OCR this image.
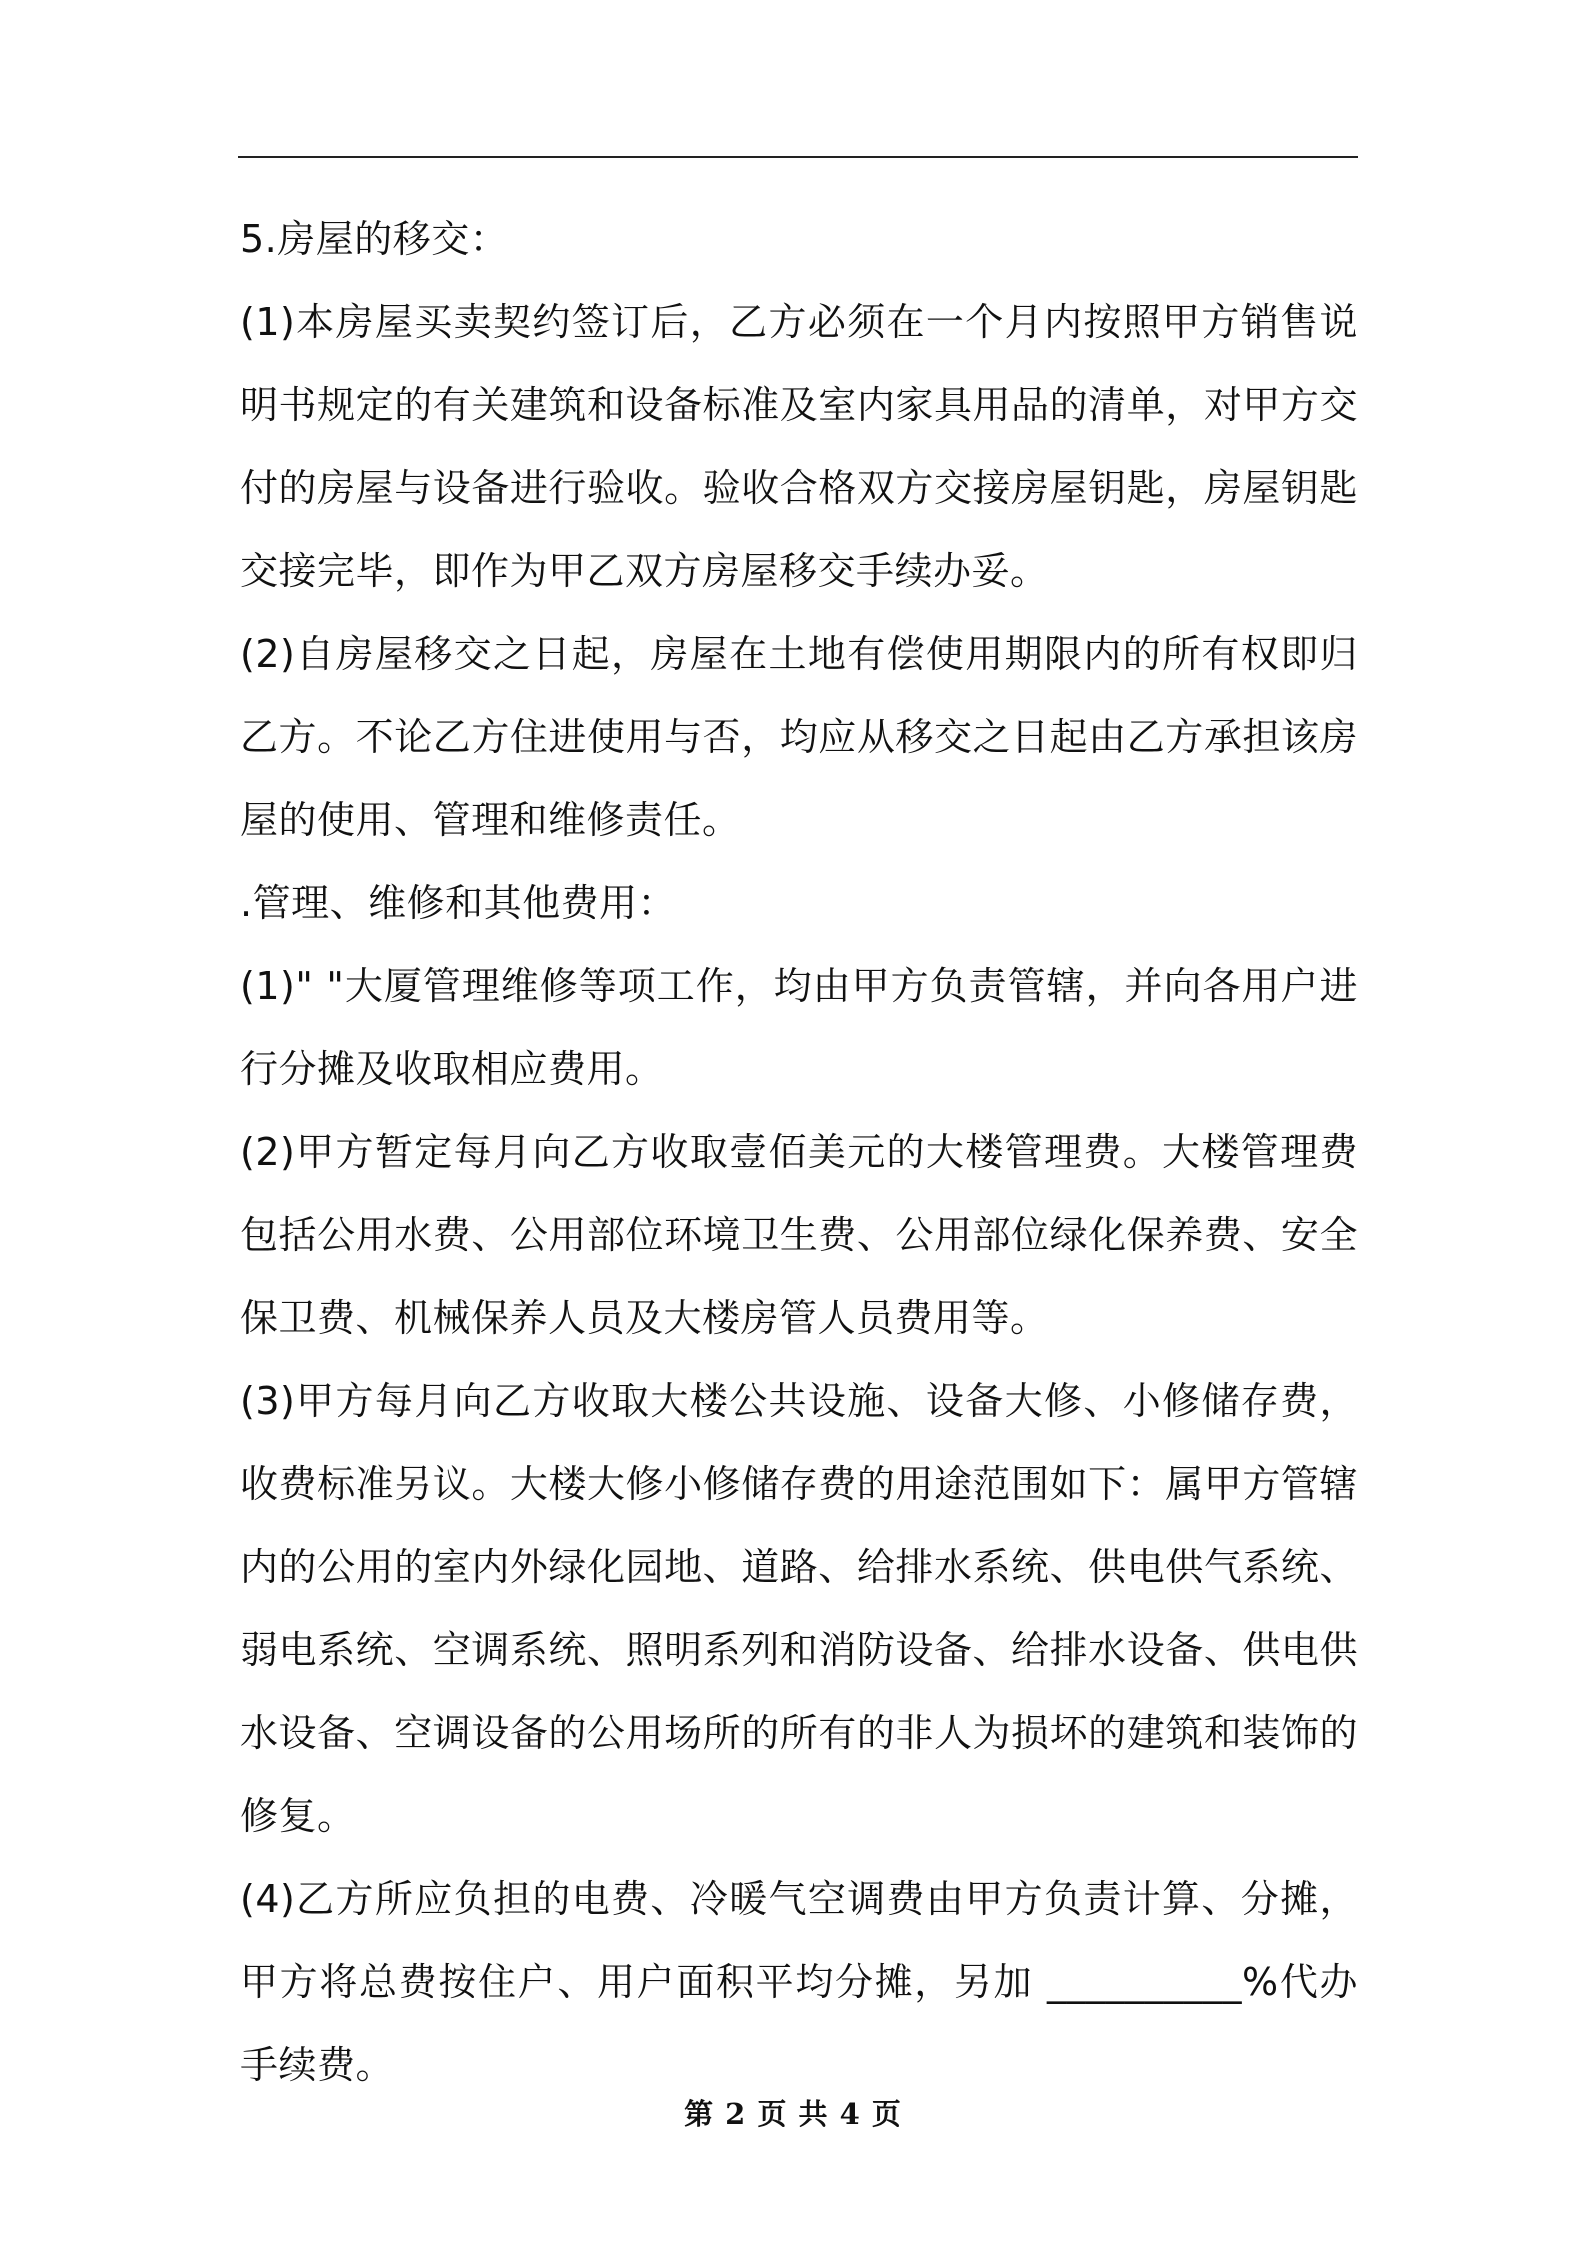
5.房屋的移交：

(1)本房屋买卖契约签订后，乙方必须在一个月内按照甲方销售说明书规定的有关建筑和设备标准及室内家具用品的清单，对甲方交付的房屋与设备进行验收。验收合格双方交接房屋钥匙，房屋钥匙交接完毕，即作为甲乙双方房屋移交手续办妥。

(2)自房屋移交之日起，房屋在土地有偿使用期限内的所有权即归乙方。不论乙方住进使用与否，均应从移交之日起由乙方承担该房屋的使用、管理和维修责任。

.管理、维修和其他费用：

(1)" "大厦管理维修等项工作，均由甲方负责管辖，并向各用户进行分摊及收取相应费用。

(2)甲方暂定每月向乙方收取壹佰美元的大楼管理费。大楼管理费包括公用水费、公用部位环境卫生费、公用部位绿化保养费、安全保卫费、机械保养人员及大楼房管人员费用等。

(3)甲方每月向乙方收取大楼公共设施、设备大修、小修储存费，收费标准另议。大楼大修小修储存费的用途范围如下：属甲方管辖内的公用的室内外绿化园地、道路、给排水系统、供电供气系统、弱电系统、空调系统、照明系列和消防设备、给排水设备、供电供水设备、空调设备的公用场所的所有的非人为损坏的建筑和装饰的修复。

(4)乙方所应负担的电费、冷暖气空调费由甲方负责计算、分摊，甲方将总费按住户、用户面积平均分摊，另加 __________%代办手续费。

第 2 页 共 4 页
